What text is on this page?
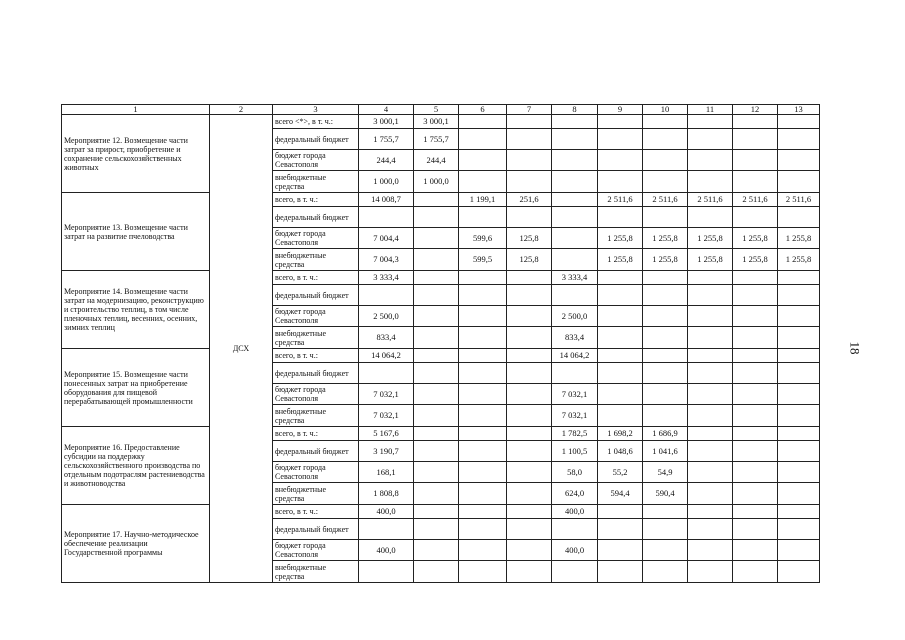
1	2	3	4	5	6	7	8	9	10	11	12	13
Мероприятие 12. Возмещение части затрат за прирост, приобретение и сохранение сельскохозяйственных животных	ДСХ	всего <*>, в т. ч.:	3 000,1	3 000,1								
		федеральный бюджет	1 755,7	1 755,7								
		бюджет города Севастополя	244,4	244,4								
		внебюджетные средства	1 000,0	1 000,0								
Мероприятие 13. Возмещение части затрат на развитие пчеловодства		всего, в т. ч.:	14 008,7		1 199,1	251,6		2 511,6	2 511,6	2 511,6	2 511,6	2 511,6
		федеральный бюджет										
		бюджет города Севастополя	7 004,4		599,6	125,8		1 255,8	1 255,8	1 255,8	1 255,8	1 255,8
		внебюджетные средства	7 004,3		599,5	125,8		1 255,8	1 255,8	1 255,8	1 255,8	1 255,8
Мероприятие 14. Возмещение части затрат на модернизацию, реконструкцию и строительство теплиц, в том числе пленочных теплиц, весенних, осенних, зимних теплиц		всего, в т. ч.:	3 333,4				3 333,4					
		федеральный бюджет										
		бюджет города Севастополя	2 500,0				2 500,0					
		внебюджетные средства	833,4				833,4					
Мероприятие 15. Возмещение части понесенных затрат на приобретение оборудования для пищевой перерабатывающей промышленности		всего, в т. ч.:	14 064,2				14 064,2					
		федеральный бюджет										
		бюджет города Севастополя	7 032,1				7 032,1					
		внебюджетные средства	7 032,1				7 032,1					
Мероприятие 16. Предоставление субсидии на поддержку сельскохозяйственного производства по отдельным подотраслям растениеводства и животноводства		всего, в т. ч.:	5 167,6				1 782,5	1 698,2	1 686,9			
		федеральный бюджет	3 190,7				1 100,5	1 048,6	1 041,6			
		бюджет города Севастополя	168,1				58,0	55,2	54,9			
		внебюджетные средства	1 808,8				624,0	594,4	590,4			
Мероприятие 17. Научно-методическое обеспечение реализации Государственной программы		всего, в т. ч.:	400,0				400,0					
		федеральный бюджет										
		бюджет города Севастополя	400,0				400,0					
		внебюджетные средства										
18
